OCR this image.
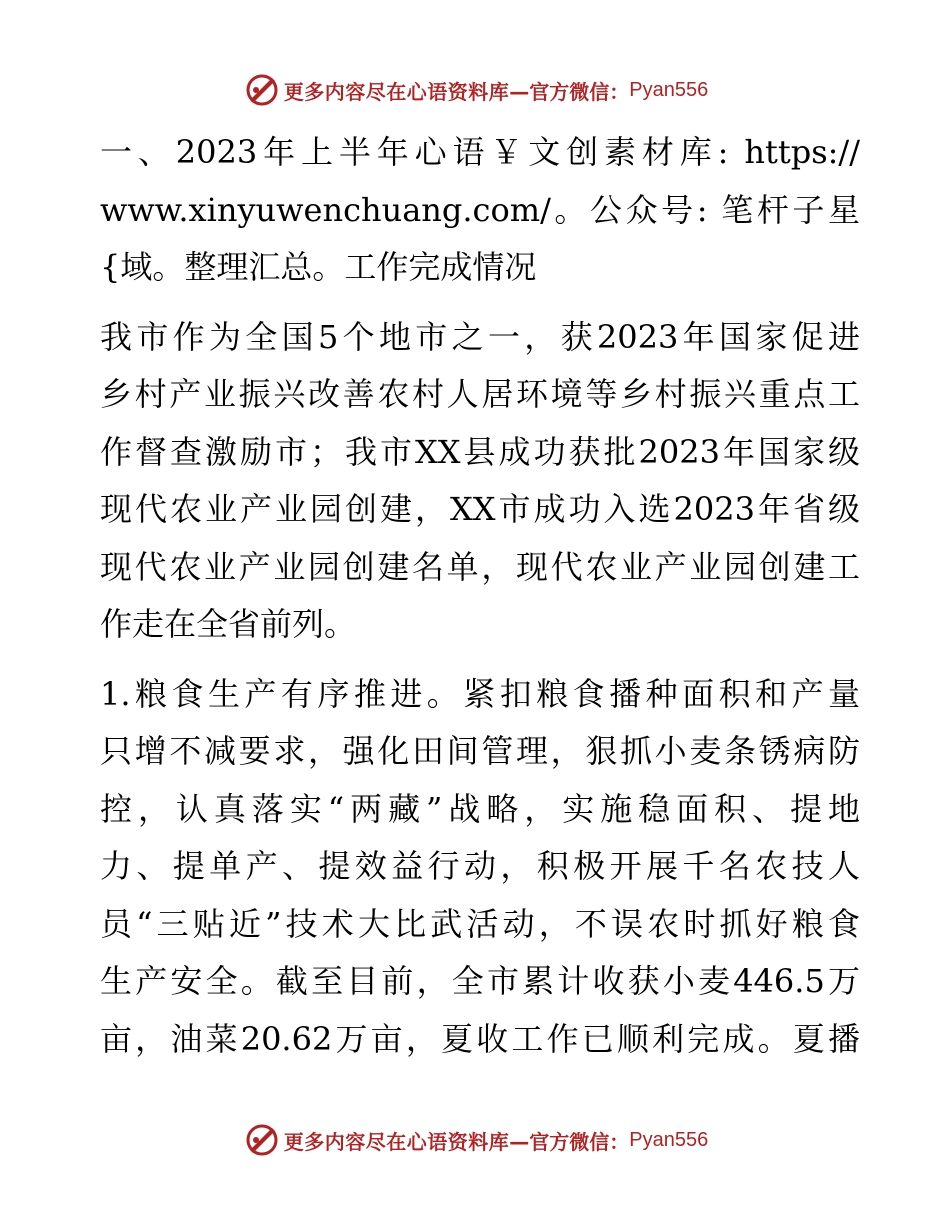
更多内容尽在心语资料库 —官方微信： Pyan556
一、2023年上半年心语￥文创素材库: https://
www.xinyuwenchuang.com/。公众号: 笔杆子星
{域。整理汇总。工作完成情况
我市作为全国5个地市之一，获2023年国家促进
乡村产业振兴改善农村人居环境等乡村振兴重点工
作督查激励市；我市XX县成功获批2023年国家级
现代农业产业园创建，XX市成功入选2023年省级
现代农业产业园创建名单，现代农业产业园创建工
作走在全省前列。
1.粮食生产有序推进。紧扣粮食播种面积和产量
只增不减要求，强化田间管理，狠抓小麦条锈病防
控，认真落实“两藏”战略，实施稳面积、提地
力、提单产、提效益行动，积极开展千名农技人
员“三贴近”技术大比武活动，不误农时抓好粮食
生产安全。截至目前，全市累计收获小麦446.5万
亩，油菜20.62万亩，夏收工作已顺利完成。夏播
更多内容尽在心语资料库 —官方微信： Pyan556
